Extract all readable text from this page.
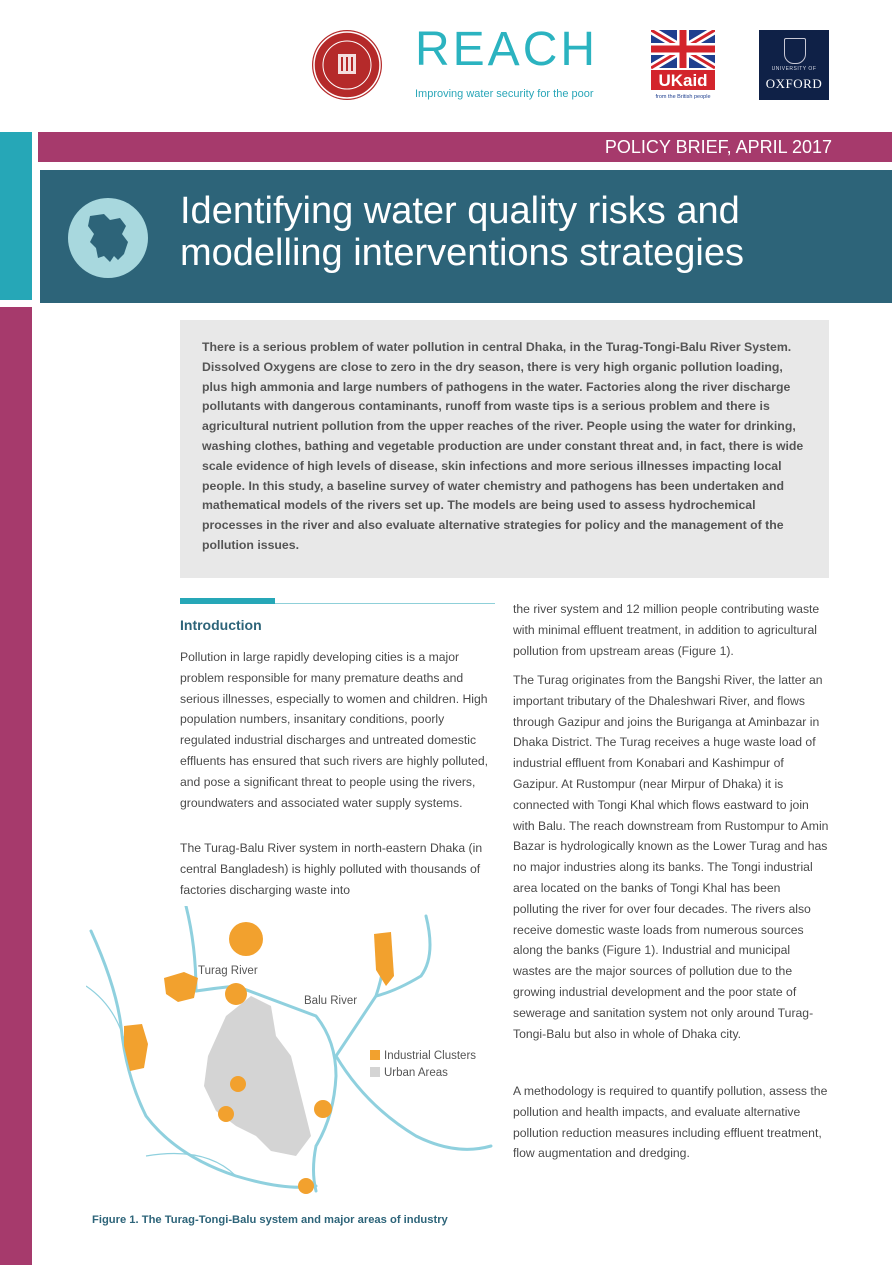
REACH
Improving water security for the poor
UKaid
from the British people
UNIVERSITY OF
OXFORD
POLICY BRIEF, APRIL 2017
Identifying water quality risks and
modelling interventions strategies

There is a serious problem of water pollution in central Dhaka, in the Turag-Tongi-Balu River System. Dissolved Oxygens are close to zero in the dry season, there is very high organic pollution loading, plus high ammonia and large numbers of pathogens in the water. Factories along the river discharge pollutants with dangerous contaminants, runoff from waste tips is a serious problem and there is agricultural nutrient pollution from the upper reaches of the river. People using the water for drinking, washing clothes, bathing and vegetable production are under constant threat and, in fact, there is wide scale evidence of high levels of disease, skin infections and more serious illnesses impacting local people. In this study, a baseline survey of water chemistry and pathogens has been undertaken and mathematical models of the rivers set up. The models are being used to assess hydrochemical processes in the river and also evaluate alternative strategies for policy and the management of the pollution issues.

Introduction

Pollution in large rapidly developing cities is a major problem responsible for many premature deaths and serious illnesses, especially to women and children. High population numbers, insanitary conditions, poorly regulated industrial discharges and untreated domestic effluents has ensured that such rivers are highly polluted, and pose a significant threat to people using the rivers, groundwaters and associated water supply systems.

The Turag-Balu River system in north-eastern Dhaka (in central Bangladesh) is highly polluted with thousands of factories discharging waste into

the river system and 12 million people contributing waste with minimal effluent treatment, in addition to agricultural pollution from upstream areas (Figure 1).

The Turag originates from the Bangshi River, the latter an important tributary of the Dhaleshwari River, and flows through Gazipur and joins the Buriganga at Aminbazar in Dhaka District. The Turag receives a huge waste load of industrial effluent from Konabari and Kashimpur of Gazipur. At Rustompur (near Mirpur of Dhaka) it is connected with Tongi Khal which flows eastward to join with Balu. The reach downstream from Rustompur to Amin Bazar is hydrologically known as the Lower Turag and has no major industries along its banks. The Tongi industrial area located on the banks of Tongi Khal has been polluting the river for over four decades. The rivers also receive domestic waste loads from numerous sources along the banks (Figure 1). Industrial and municipal wastes are the major sources of pollution due to the growing industrial development and the poor state of sewerage and sanitation system not only around Turag-Tongi-Balu but also in whole of Dhaka city.

A methodology is required to quantify pollution, assess the pollution and health impacts, and evaluate alternative pollution reduction measures including effluent treatment, flow augmentation and dredging.

Turag River
Balu River
Industrial Clusters
Urban Areas
Figure 1. The Turag-Tongi-Balu system and major areas of industry
